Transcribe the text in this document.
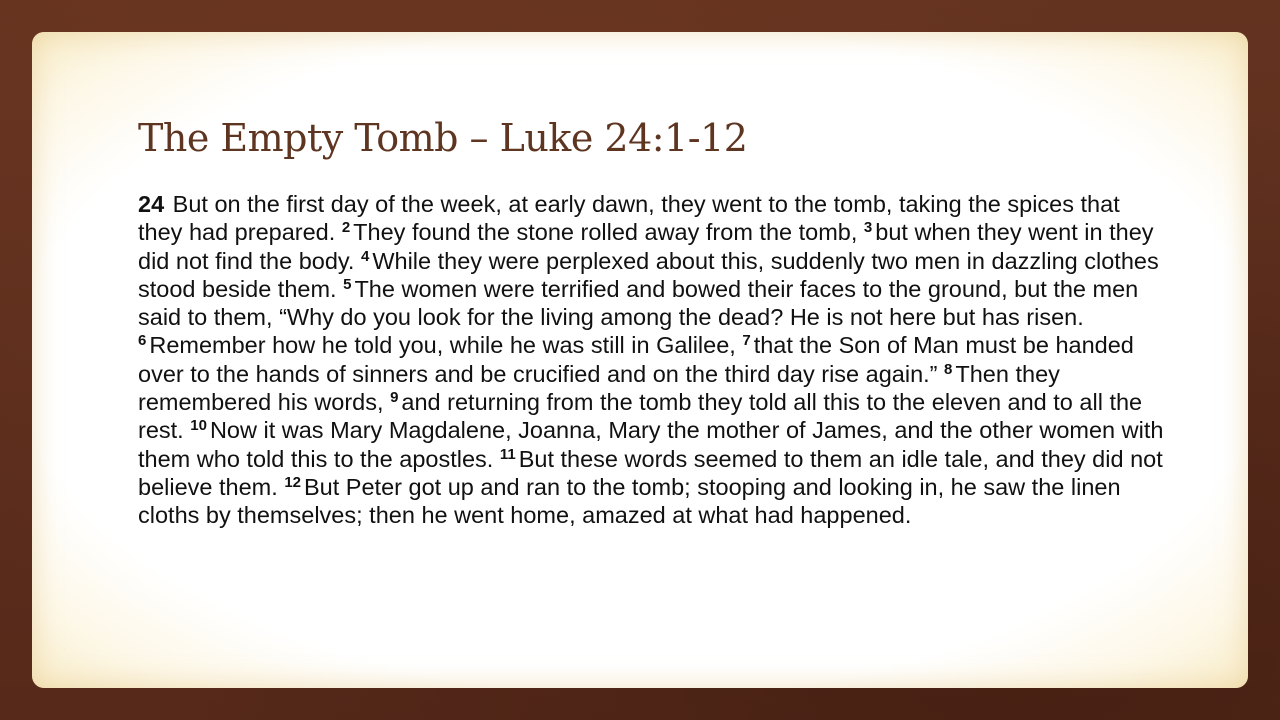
The Empty Tomb – Luke 24:1-12

24 But on the first day of the week, at early dawn, they went to the tomb, taking the spices that they had prepared. $^2$ They found the stone rolled away from the tomb, $^3$ but when they went in they did not find the body. $^4$ While they were perplexed about this, suddenly two men in dazzling clothes stood beside them. $^5$ The women were terrified and bowed their faces to the ground, but the men said to them, “Why do you look for the living among the dead? He is not here but has risen. $^6$ Remember how he told you, while he was still in Galilee, $^7$ that the Son of Man must be handed over to the hands of sinners and be crucified and on the third day rise again.” $^8$ Then they remembered his words, $^9$ and returning from the tomb they told all this to the eleven and to all the rest. $^{10}$ Now it was Mary Magdalene, Joanna, Mary the mother of James, and the other women with them who told this to the apostles. $^{11}$ But these words seemed to them an idle tale, and they did not believe them. $^{12}$ But Peter got up and ran to the tomb; stooping and looking in, he saw the linen cloths by themselves; then he went home, amazed at what had happened.
